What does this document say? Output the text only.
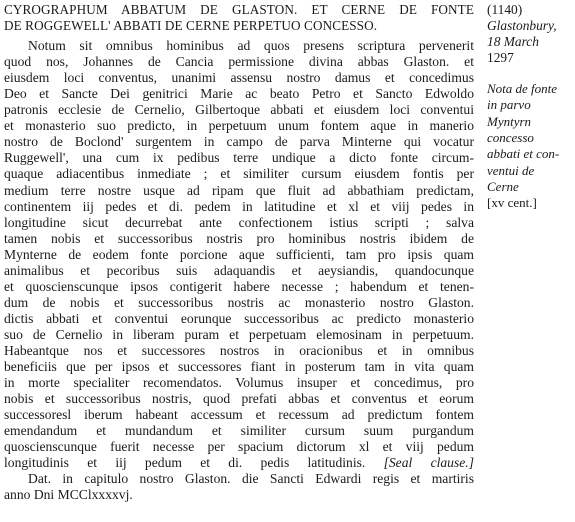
CYROGRAPHUM ABBATUM DE GLASTON. ET CERNE DE FONTE
DE ROGGEWELL' ABBATI DE CERNE PERPETUO CONCESSO.
Notum sit omnibus hominibus ad quos presens scriptura pervenerit
quod nos, Johannes de Cancia permissione divina abbas Glaston. et
eiusdem loci conventus, unanimi assensu nostro damus et concedimus
Deo et Sancte Dei genitrici Marie ac beato Petro et Sancto Edwoldo
patronis ecclesie de Cernelio, Gilbertoque abbati et eiusdem loci conventui
et monasterio suo predicto, in perpetuum unum fontem aque in manerio
nostro de Boclond' surgentem in campo de parva Minterne qui vocatur
Ruggewell', una cum ix pedibus terre undique a dicto fonte circum-
quaque adiacentibus inmediate ; et similiter cursum eiusdem fontis per
medium terre nostre usque ad ripam que fluit ad abbathiam predictam,
continentem iij pedes et di. pedem in latitudine et xl et viij pedes in
longitudine sicut decurrebat ante confectionem istius scripti ; salva
tamen nobis et successoribus nostris pro hominibus nostris ibidem de
Mynterne de eodem fonte porcione aque sufficienti, tam pro ipsis quam
animalibus et pecoribus suis adaquandis et aeysiandis, quandocunque
et quoscienscunque ipsos contigerit habere necesse ; habendum et tenen-
dum de nobis et successoribus nostris ac monasterio nostro Glaston.
dictis abbati et conventui eorunque successoribus ac predicto monasterio
suo de Cernelio in liberam puram et perpetuam elemosinam in perpetuum.
Habeantque nos et successores nostros in oracionibus et in omnibus
beneficiis que per ipsos et successores fiant in posterum tam in vita quam
in morte specialiter recomendatos. Volumus insuper et concedimus, pro
nobis et successoribus nostris, quod prefati abbas et conventus et eorum
successoresl iberum habeant accessum et recessum ad predictum fontem
emendandum et mundandum et similiter cursum suum purgandum
quoscienscunque fuerit necesse per spacium dictorum xl et viij pedum
longitudinis et iij pedum et di. pedis latitudinis. [Seal clause.]
Dat. in capitulo nostro Glaston. die Sancti Edwardi regis et martiris
anno Dni MCClxxxxvj.
(1140)
Glastonbury,
18 March
1297
Nota de fonte
in parvo
Myntyrn
concesso
abbati et con-
ventui de
Cerne
[xv cent.]
